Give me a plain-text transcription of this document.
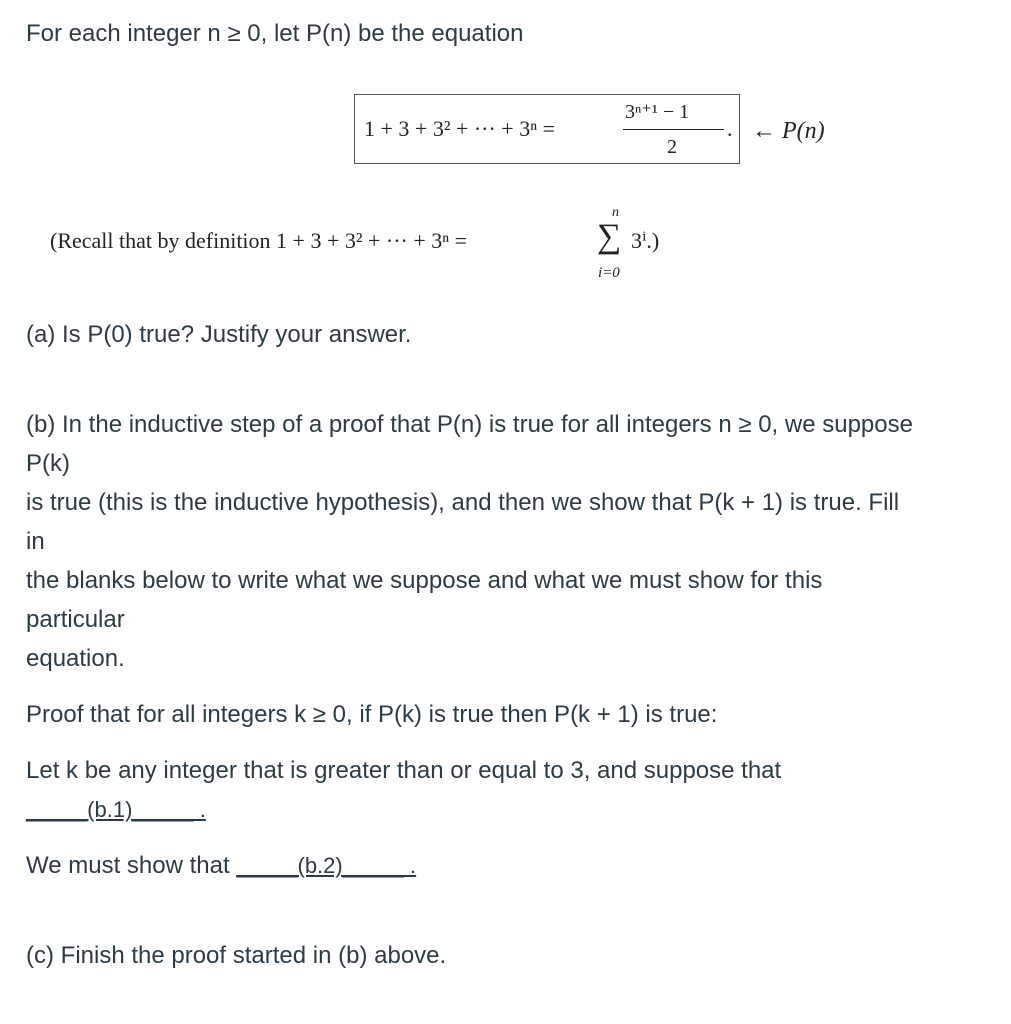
For each integer n ≥ 0, let P(n) be the equation

1 + 3 + 3² + ··· + 3ⁿ =
3ⁿ⁺¹ − 1
2
. ← P(n)
(Recall that by definition 1 + 3 + 3² + ··· + 3ⁿ =
n
∑
i=0
3ⁱ.)

(a) Is P(0) true? Justify your answer.

(b) In the inductive step of a proof that P(n) is true for all integers n ≥ 0, we suppose

P(k)

is true (this is the inductive hypothesis), and then we show that P(k + 1) is true. Fill

in

the blanks below to write what we suppose and what we must show for this

particular

equation.

Proof that for all integers k ≥ 0, if P(k) is true then P(k + 1) is true:

Let k be any integer that is greater than or equal to 3, and suppose that

_____(b.1)_____ .

We must show that _____(b.2)_____ .

(c) Finish the proof started in (b) above.
